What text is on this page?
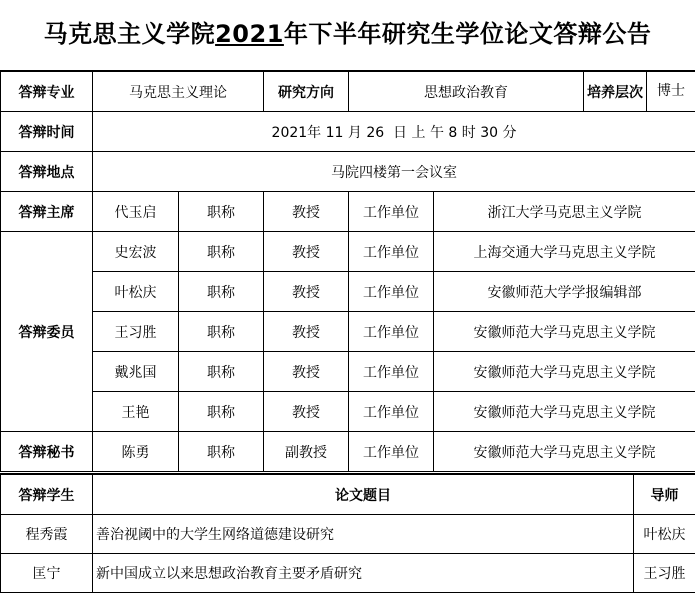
马克思主义学院2021年下半年研究生学位论文答辩公告
答辩专业	马克思主义理论		研究方向	思想政治教育		培养层次 博士

答辩时间	2021年 11 月 26  日 上 午 8 时 30 分					
答辩地点	马院四楼第一会议室					
答辩主席	代玉启	职称	教授	工作单位	浙江大学马克思主义学院	
答辩委员	史宏波	职称	教授	工作单位	上海交通大学马克思主义学院	
	叶松庆	职称	教授	工作单位	安徽师范大学学报编辑部	
	王习胜	职称	教授	工作单位	安徽师范大学马克思主义学院	
	戴兆国	职称	教授	工作单位	安徽师范大学马克思主义学院	
	王艳	职称	教授	工作单位	安徽师范大学马克思主义学院	
答辩秘书	陈勇	职称	副教授	工作单位	安徽师范大学马克思主义学院	
答辩学生	论文题目	导师
程秀霞	善治视阈中的大学生网络道德建设研究	叶松庆
匡宁	新中国成立以来思想政治教育主要矛盾研究	王习胜
